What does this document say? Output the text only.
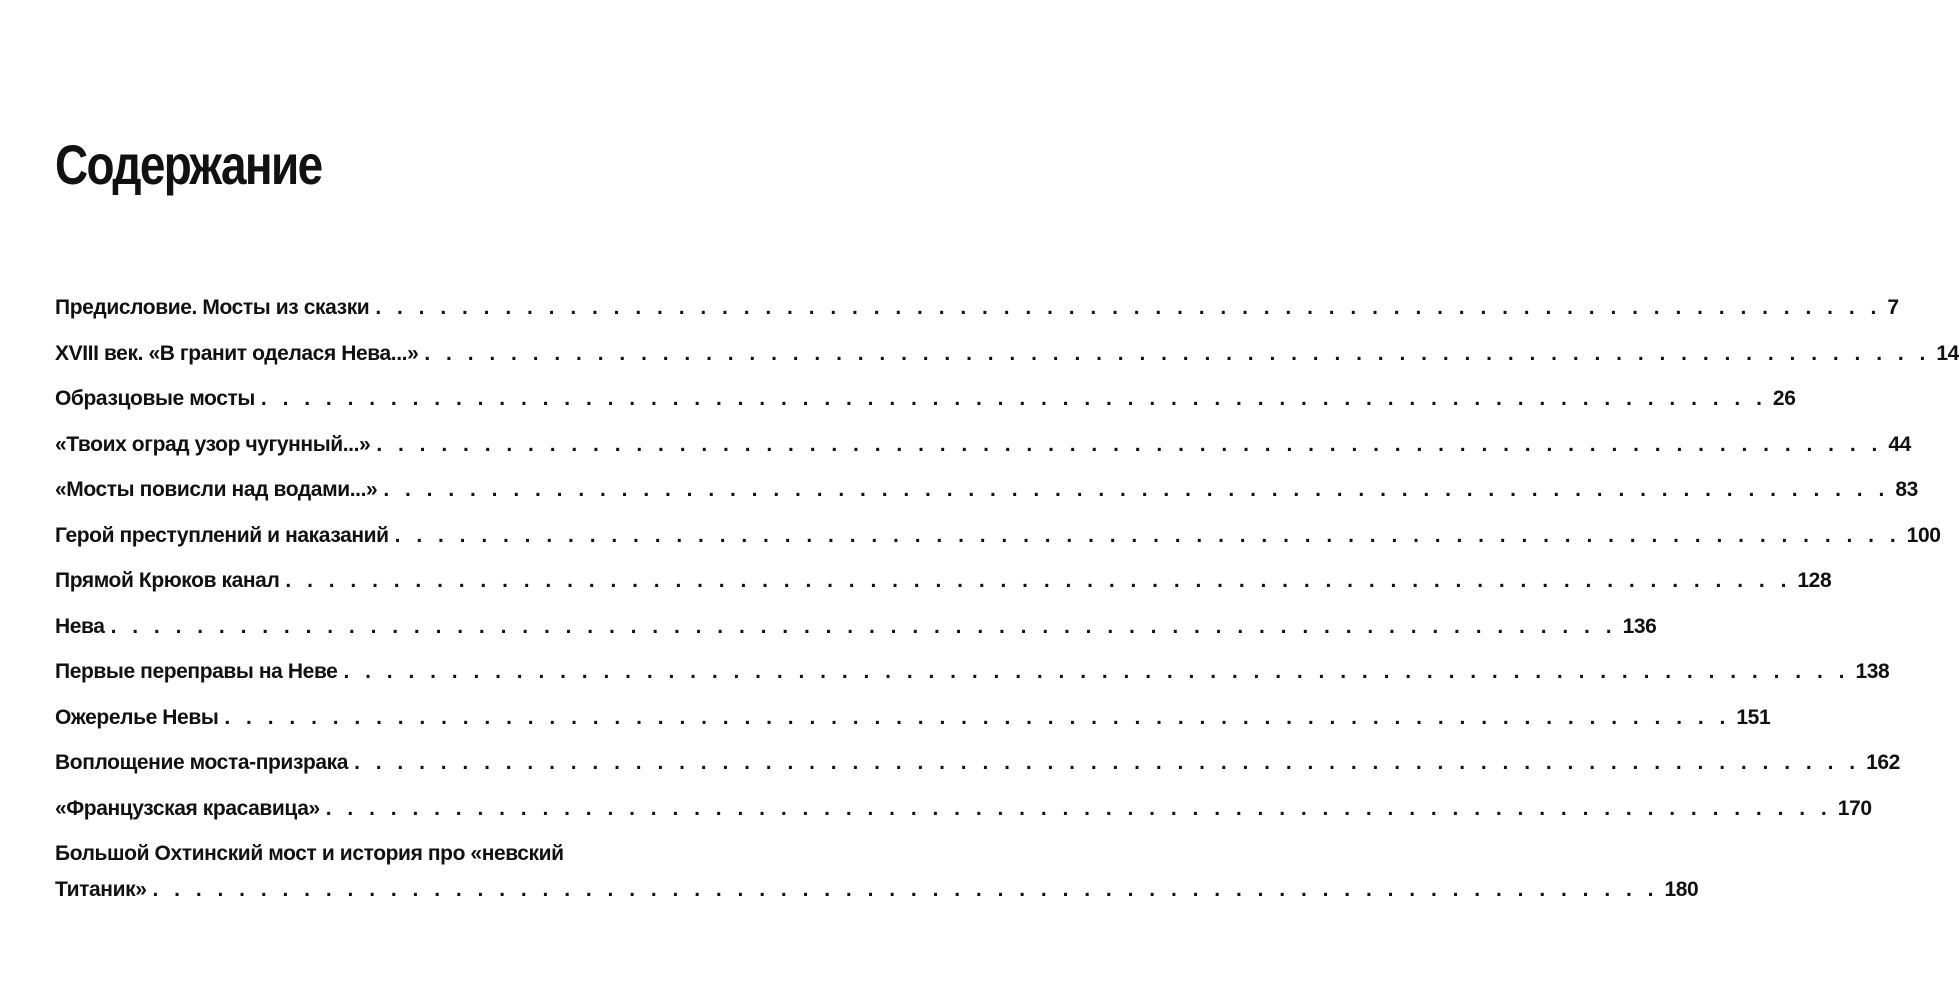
Содержание
Предисловие. Мосты из сказки . . . . . . . . . . . . . . . . . . . . . . . . . . . . . . . . . . . . . . . . . . . . . . . . . . . . . . . . . . . . . . . . . . . . . . 7
XVIII век. «В гранит оделася Нева...» . . . . . . . . . . . . . . . . . . . . . . . . . . . . . . . . . . . . . . . . . . . . . . . . . . . . . . . . . . . . . . . . . . . . . . 14
Образцовые мосты . . . . . . . . . . . . . . . . . . . . . . . . . . . . . . . . . . . . . . . . . . . . . . . . . . . . . . . . . . . . . . . . . . . . . . 26
«Твоих оград узор чугунный...» . . . . . . . . . . . . . . . . . . . . . . . . . . . . . . . . . . . . . . . . . . . . . . . . . . . . . . . . . . . . . . . . . . . . . . 44
«Мосты повисли над водами...» . . . . . . . . . . . . . . . . . . . . . . . . . . . . . . . . . . . . . . . . . . . . . . . . . . . . . . . . . . . . . . . . . . . . . . 83
Герой преступлений и наказаний . . . . . . . . . . . . . . . . . . . . . . . . . . . . . . . . . . . . . . . . . . . . . . . . . . . . . . . . . . . . . . . . . . . . . . 100
Прямой Крюков канал . . . . . . . . . . . . . . . . . . . . . . . . . . . . . . . . . . . . . . . . . . . . . . . . . . . . . . . . . . . . . . . . . . . . . . 128
Нева . . . . . . . . . . . . . . . . . . . . . . . . . . . . . . . . . . . . . . . . . . . . . . . . . . . . . . . . . . . . . . . . . . . . . . 136
Первые переправы на Неве . . . . . . . . . . . . . . . . . . . . . . . . . . . . . . . . . . . . . . . . . . . . . . . . . . . . . . . . . . . . . . . . . . . . . . 138
Ожерелье Невы . . . . . . . . . . . . . . . . . . . . . . . . . . . . . . . . . . . . . . . . . . . . . . . . . . . . . . . . . . . . . . . . . . . . . . 151
Воплощение моста-призрака . . . . . . . . . . . . . . . . . . . . . . . . . . . . . . . . . . . . . . . . . . . . . . . . . . . . . . . . . . . . . . . . . . . . . . 162
«Французская красавица» . . . . . . . . . . . . . . . . . . . . . . . . . . . . . . . . . . . . . . . . . . . . . . . . . . . . . . . . . . . . . . . . . . . . . . 170
Большой Охтинский мост и история про «невский
Титаник» . . . . . . . . . . . . . . . . . . . . . . . . . . . . . . . . . . . . . . . . . . . . . . . . . . . . . . . . . . . . . . . . . . . . . . 180
